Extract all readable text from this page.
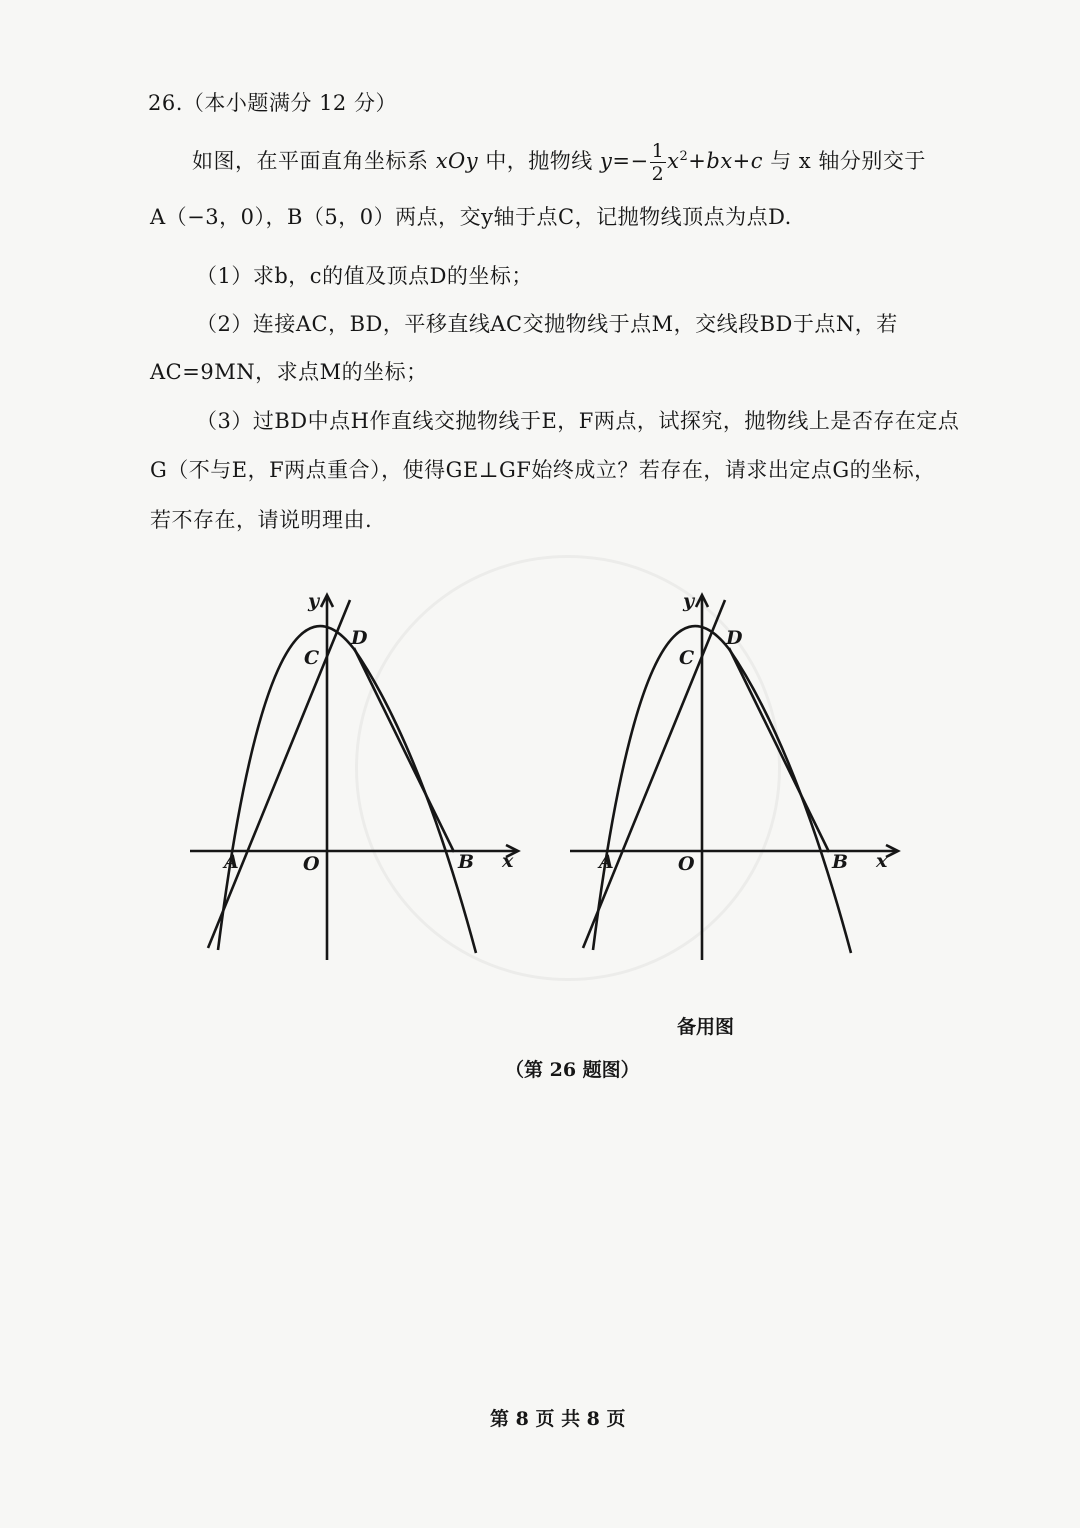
26.（本小题满分 12 分）
如图，在平面直角坐标系 xOy 中，抛物线 $y=- \frac{1}{2} x^2+bx+c$ 与 x 轴分别交于
A（−3，0），B（5，0）两点，交y轴于点C，记抛物线顶点为点D.
（1）求b，c的值及顶点D的坐标；
（2）连接AC，BD，平移直线AC交抛物线于点M，交线段BD于点N，若
AC=9MN，求点M的坐标；
（3）过BD中点H作直线交抛物线于E，F两点，试探究，抛物线上是否存在定点
G（不与E，F两点重合），使得GE⊥GF始终成立？若存在，请求出定点G的坐标，
若不存在，请说明理由.
y
x
A	B
C
D
O
y
x
A	B
C
D
O
备用图
（第 26 题图）
第 8 页 共 8 页
